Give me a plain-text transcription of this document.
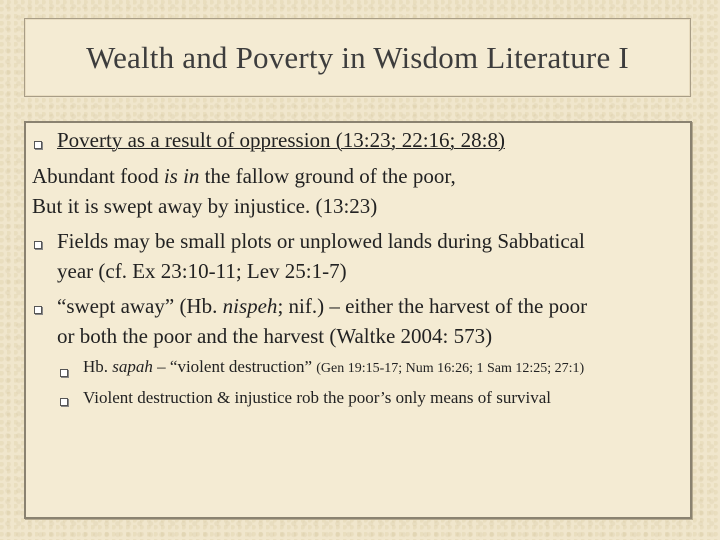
Wealth and Poverty in Wisdom Literature I
Poverty as a result of oppression (13:23; 22:16; 28:8)
Abundant food is in the fallow ground of the poor,
But it is swept away by injustice. (13:23)
Fields may be small plots or unplowed lands during Sabbatical
year (cf. Ex 23:10-11; Lev 25:1-7)
“swept away” (Hb. nispeh; nif.) – either the harvest of the poor
or both the poor and the harvest (Waltke 2004: 573)
Hb. sapah – “violent destruction” (Gen 19:15-17; Num 16:26; 1 Sam 12:25; 27:1)
Violent destruction & injustice rob the poor’s only means of survival
